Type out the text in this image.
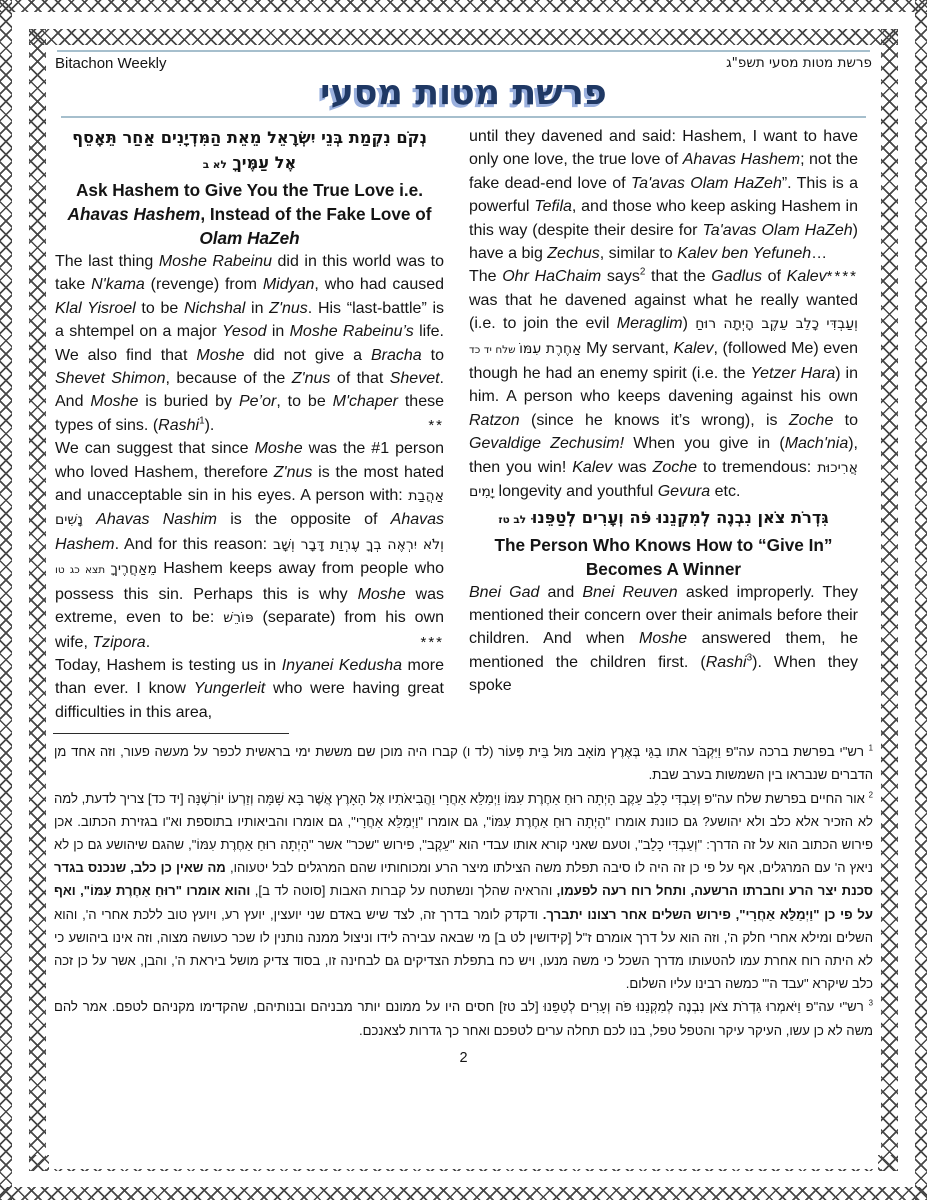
Bitachon Weekly	פרשת מטות מסעי תשפ"ג
פרשת מטות מסעי
נְקֹם נִקְמַת בְּנֵי יִשְׂרָאֵל מֵאֵת הַמִּדְיָנִים אַחַר תֵּאָסֵף
אֶל עַמֶּיךָ לא ב
Ask Hashem to Give You the True Love i.e. Ahavas Hashem, Instead of the Fake Love of Olam HaZeh

The last thing Moshe Rabeinu did in this world was to take N'kama (revenge) from Midyan, who had caused Klal Yisroel to be Nichshal in Z'nus. His “last-battle” is a shtempel on a major Yesod in Moshe Rabeinu’s life. We also find that Moshe did not give a Bracha to Shevet Shimon, because of the Z'nus of that Shevet. And Moshe is buried by Pe’or, to be M'chaper these types of sins. (Rashi$^1$).	**

We can suggest that since Moshe was the #1 person who loved Hashem, therefore Z'nus is the most hated and unacceptable sin in his eyes. A person with: אַהֲבַת נָשִׁים Ahavas Nashim is the opposite of Ahavas Hashem. And for this reason: וְלֹא יִרְאֶה בְךָ עֶרְוַת דָּבָר וְשָׁב מֵאַחֲרֶיךָ תצא כג טו	Hashem keeps away from people who possess this sin. Perhaps this is why Moshe was extreme, even to be: פּוֹרֵשׁ (separate) from his own wife, Tzipora.	***

Today, Hashem is testing us in Inyanei Kedusha more than ever. I know Yungerleit who were having great difficulties in this area,

until they davened and said: Hashem, I want to have only one love, the true love of Ahavas Hashem; not the fake dead-end love of Ta'avas Olam HaZeh”. This is a powerful Tefila, and those who keep asking Hashem in this way (despite their desire for Ta'avas Olam HaZeh) have a big Zechus, similar to Kalev ben Yefuneh…
****

The Ohr HaChaim says$^2$ that the Gadlus of Kalev was that he davened against what he really wanted (i.e. to join the evil Meraglim) וְעַבְדִּי כָלֵב עֵקֶב הָיְתָה רוּחַ אַחֶרֶת עִמּוֹ שלח יד כד	My servant, Kalev, (followed Me) even though he had an enemy spirit (i.e. the Yetzer Hara) in him. A person who keeps davening against his own Ratzon (since he knows it’s wrong), is Zoche to Gevaldige Zechusim! When you give in (Mach'nia), then you win! Kalev was Zoche to tremendous: אֲרִיכוּת יָמִים longevity and youthful Gevura etc.

גִּדְרֹת צֹאן נִבְנֶה לְמִקְנֵנוּ פֹּה וְעָרִים לְטַפֵּנוּ לב טז
The Person Who Knows How to “Give In” Becomes A Winner

Bnei Gad and Bnei Reuven asked improperly. They mentioned their concern over their animals before their children. And when Moshe answered them, he mentioned the children first. (Rashi$^3$). When they spoke

$^1$ רש"י בפרשת ברכה עה"פ וַיִּקְבֹּר אתו בַגַּי בְּאֶרֶץ מוֹאָב מוּל בֵּית פְּעוֹר (לד ו) קברו היה מוכן שם מששת ימי בראשית לכפר על מעשה פעור, וזה אחד מן הדברים שנבראו בין השמשות בערב שבת.
$^2$ אור החיים בפרשת שלח עה"פ וְעַבְדִּי כָלֵב עֵקֶב הָיְתָה רוּחַ אַחֶרֶת עִמּוֹ וַיְמַלֵּא אַחֲרָי וַהֲבִיאֹתִיו אֶל הָאָרֶץ אֲשֶׁר בָּא שָׁמָּה וְזַרְעוֹ יוֹרִשֶׁנָּה [יד כד] צריך לדעת, למה לא הזכיר אלא כלב ולא יהושע? גם כוונת אומרו "הָיְתָה רוּחַ אַחֶרֶת עִמּוֹ", גם אומרו "וַיְמַלֵּא אַחֲרָי", גם אומרו והביאותיו בתוספת וא"ו בגזירת הכתוב. אכן פירוש הכתוב הוא על זה הדרך: "וְעַבְדִּי כָלֵב", וטעם שאני קורא אותו עבדי הוא "עֵקֶב", פירוש "שכר" אשר "הָיְתָה רוּחַ אַחֶרֶת עִמּוֹ", שהגם שיהושע גם כן לא ניאץ ה' עם המרגלים, אף על פי כן זה היה לו סיבה תפלת משה הצילתו מיצר הרע ומכוחותיו שהם המרגלים לבל יטעוהו, מה שאין כן כלב, שנכנס בגדר סכנת יצר הרע וחברתו הרשעה, ותחל רוח רעה לפעמו, והראיה שהלך ונשתטח על קברות האבות [סוטה לד ב], והוא אומרו "רוּחַ אַחֶרֶת עִמּוֹ", ואף על פי כן "וַיְמַלֵּא אַחֲרָי", פירוש השלים אחר רצונו יתברך. ודקדק לומר בדרך זה, לצד שיש באדם שני יועצין, יועץ רע, ויועץ טוב ללכת אחרי ה', והוא השלים ומילא אחרי חלק ה', וזה הוא על דרך אומרם ז"ל [קידושין לט ב] מי שבאה עבירה לידו וניצול ממנה נותנין לו שכר כעושה מצוה, וזה אינו ביהושע כי לא היתה רוח אחרת עמו להטעותו מדרך השכל כי משה מנעו, ויש כח בתפלת הצדיקים גם לבחינה זו, בסוד צדיק מושל ביראת ה', והבן, אשר על כן זכה כלב שיקרא "עבד ה'" כמשה רבינו עליו השלום.
$^3$ רש"י עה"פ וַיֹּאמְרוּ גִּדְרֹת צֹאן נִבְנֶה לְמִקְנֵנוּ פֹּה וְעָרִים לְטַפֵּנוּ [לב טז] חסים היו על ממונם יותר מבניהם ובנותיהם, שהקדימו מקניהם לטפם. אמר להם משה לא כן עשו, העיקר עיקר והטפל טפל, בנו לכם תחלה ערים לטפכם ואחר כך גדרות לצאנכם.
2
